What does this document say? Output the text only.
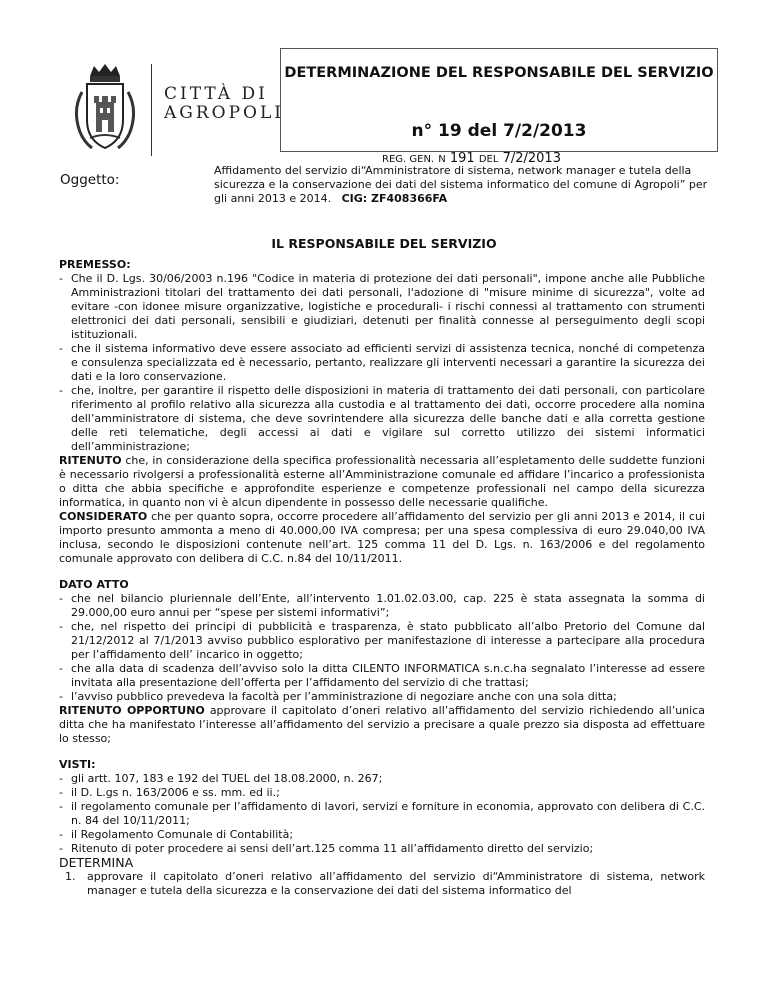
CITTÀ DI
AGROPOLI
DETERMINAZIONE DEL RESPONSABILE DEL SERVIZIO
n° 19 del 7/2/2013
REG. GEN. N 191 DEL 7/2/2013
Oggetto:
Affidamento del servizio di“Amministratore di sistema, network manager e tutela della sicurezza e la conservazione dei dati del sistema informatico del comune di Agropoli” per gli anni 2013 e 2014. CIG: ZF408366FA
IL RESPONSABILE DEL SERVIZIO

PREMESSO:

- Che il D. Lgs. 30/06/2003 n.196 "Codice in materia di protezione dei dati personali", impone anche alle Pubbliche Amministrazioni titolari del trattamento dei dati personali, l'adozione di "misure minime di sicurezza", volte ad evitare -con idonee misure organizzative, logistiche e procedurali- i rischi connessi al trattamento con strumenti elettronici dei dati personali, sensibili e giudiziari, detenuti per finalità connesse al perseguimento degli scopi istituzionali.
- che il sistema informativo deve essere associato ad efficienti servizi di assistenza tecnica, nonché di competenza e consulenza specializzata ed è necessario, pertanto, realizzare gli interventi necessari a garantire la sicurezza dei dati e la loro conservazione.
- che, inoltre, per garantire il rispetto delle disposizioni in materia di trattamento dei dati personali, con particolare riferimento al profilo relativo alla sicurezza alla custodia e al trattamento dei dati, occorre procedere alla nomina dell’amministratore di sistema, che deve sovrintendere alla sicurezza delle banche dati e alla corretta gestione delle reti telematiche, degli accessi ai dati e vigilare sul corretto utilizzo dei sistemi informatici dell’amministrazione;

RITENUTO che, in considerazione della specifica professionalità necessaria all’espletamento delle suddette funzioni è necessario rivolgersi a professionalità esterne all’Amministrazione comunale ed affidare l’incarico a professionista o ditta che abbia specifiche e approfondite esperienze e competenze professionali nel campo della sicurezza informatica, in quanto non vi è alcun dipendente in possesso delle necessarie qualifiche.

CONSIDERATO che per quanto sopra, occorre procedere all’affidamento del servizio per gli anni 2013 e 2014, il cui importo presunto ammonta a meno di 40.000,00 IVA compresa; per una spesa complessiva di euro 29.040,00 IVA inclusa, secondo le disposizioni contenute nell’art. 125 comma 11 del D. Lgs. n. 163/2006 e del regolamento comunale approvato con delibera di C.C. n.84 del 10/11/2011.

DATO ATTO

- che nel bilancio pluriennale dell’Ente, all’intervento 1.01.02.03.00, cap. 225 è stata assegnata la somma di 29.000,00 euro annui per “spese per sistemi informativi”;
- che, nel rispetto dei principi di pubblicità e trasparenza, è stato pubblicato all’albo Pretorio del Comune dal 21/12/2012 al 7/1/2013 avviso pubblico esplorativo per manifestazione di interesse a partecipare alla procedura per l’affidamento dell’ incarico in oggetto;
- che alla data di scadenza dell’avviso solo la ditta CILENTO INFORMATICA s.n.c.ha segnalato l’interesse ad essere invitata alla presentazione dell’offerta per l’affidamento del servizio di che trattasi;
- l’avviso pubblico prevedeva la facoltà per l’amministrazione di negoziare anche con una sola ditta;

RITENUTO OPPORTUNO approvare il capitolato d’oneri relativo all’affidamento del servizio richiedendo all’unica ditta che ha manifestato l’interesse all’affidamento del servizio a precisare a quale prezzo sia disposta ad effettuare lo stesso;

VISTI:

- gli artt. 107, 183 e 192 del TUEL del 18.08.2000, n. 267;
- il D. L.gs n. 163/2006 e ss. mm. ed ii.;
- il regolamento comunale per l’affidamento di lavori, servizi e forniture in economia, approvato con delibera di C.C. n. 84 del 10/11/2011;
- il Regolamento Comunale di Contabilità;
- Ritenuto di poter procedere ai sensi dell’art.125 comma 11 all’affidamento diretto del servizio;

DETERMINA

1. approvare il capitolato d’oneri relativo all’affidamento del servizio di“Amministratore di sistema, network manager e tutela della sicurezza e la conservazione dei dati del sistema informatico del
